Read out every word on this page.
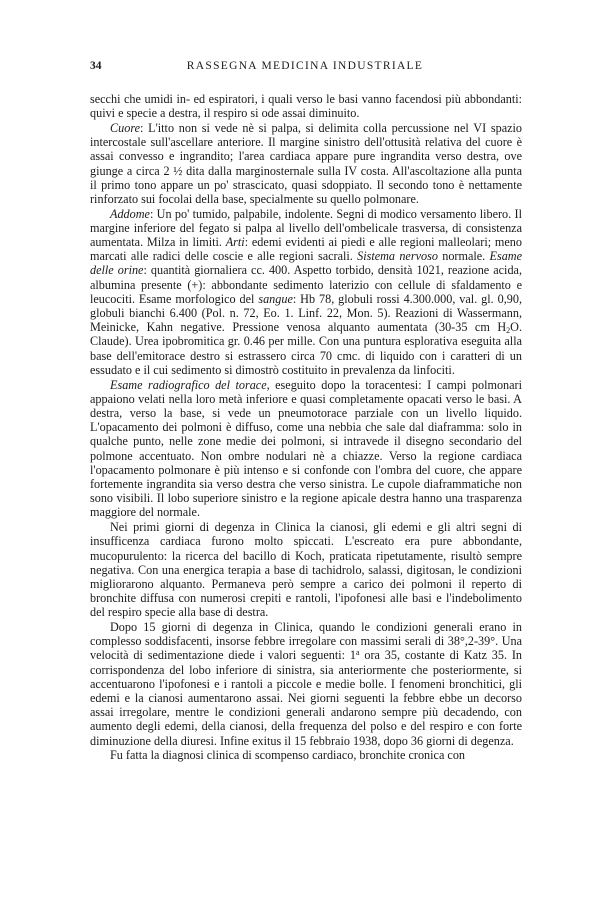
34	RASSEGNA MEDICINA INDUSTRIALE

secchi che umidi in- ed espiratori, i quali verso le basi vanno facendosi più abbondanti: quivi e specie a destra, il respiro si ode assai diminuito.

Cuore: L'itto non si vede nè si palpa, si delimita colla percussione nel VI spazio intercostale sull'ascellare anteriore. Il margine sinistro dell'ottusità relativa del cuore è assai convesso e ingrandito; l'area cardiaca appare pure ingrandita verso destra, ove giunge a circa 2 ½ dita dalla marginosternale sulla IV costa. All'ascoltazione alla punta il primo tono appare un po' strascicato, quasi sdoppiato. Il secondo tono è nettamente rinforzato sui focolai della base, specialmente su quello polmonare.

Addome: Un po' tumido, palpabile, indolente. Segni di modico versamento libero. Il margine inferiore del fegato si palpa al livello dell'ombelicale trasversa, di consistenza aumentata. Milza in limiti. Arti: edemi evidenti ai piedi e alle regioni malleolari; meno marcati alle radici delle coscie e alle regioni sacrali. Sistema nervoso normale. Esame delle orine: quantità giornaliera cc. 400. Aspetto torbido, densità 1021, reazione acida, albumina presente (+): abbondante sedimento laterizio con cellule di sfaldamento e leucociti. Esame morfologico del sangue: Hb 78, globuli rossi 4.300.000, val. gl. 0,90, globuli bianchi 6.400 (Pol. n. 72, Eo. 1. Linf. 22, Mon. 5). Reazioni di Wassermann, Meinicke, Kahn negative. Pressione venosa alquanto aumentata (30-35 cm $H_2O$. Claude). Urea ipobromitica gr. 0.46 per mille. Con una puntura esplorativa eseguita alla base dell'emitorace destro si estrassero circa 70 cmc. di liquido con i caratteri di un essudato e il cui sedimento si dimostrò costituito in prevalenza da linfociti.

Esame radiografico del torace, eseguito dopo la toracentesi: I campi polmonari appaiono velati nella loro metà inferiore e quasi completamente opacati verso le basi. A destra, verso la base, si vede un pneumotorace parziale con un livello liquido. L'opacamento dei polmoni è diffuso, come una nebbia che sale dal diaframma: solo in qualche punto, nelle zone medie dei polmoni, si intravede il disegno secondario del polmone accentuato. Non ombre nodulari nè a chiazze. Verso la regione cardiaca l'opacamento polmonare è più intenso e si confonde con l'ombra del cuore, che appare fortemente ingrandita sia verso destra che verso sinistra. Le cupole diaframmatiche non sono visibili. Il lobo superiore sinistro e la regione apicale destra hanno una trasparenza maggiore del normale.

Nei primi giorni di degenza in Clinica la cianosi, gli edemi e gli altri segni di insufficenza cardiaca furono molto spiccati. L'escreato era pure abbondante, mucopurulento: la ricerca del bacillo di Koch, praticata ripetutamente, risultò sempre negativa. Con una energica terapia a base di tachidrolo, salassi, digitosan, le condizioni migliorarono alquanto. Permaneva però sempre a carico dei polmoni il reperto di bronchite diffusa con numerosi crepiti e rantoli, l'ipofonesi alle basi e l'indebolimento del respiro specie alla base di destra.

Dopo 15 giorni di degenza in Clinica, quando le condizioni generali erano in complesso soddisfacenti, insorse febbre irregolare con massimi serali di 38°,2-39°. Una velocità di sedimentazione diede i valori seguenti: 1$^a$ ora 35, costante di Katz 35. In corrispondenza del lobo inferiore di sinistra, sia anteriormente che posteriormente, si accentuarono l'ipofonesi e i rantoli a piccole e medie bolle. I fenomeni bronchitici, gli edemi e la cianosi aumentarono assai. Nei giorni seguenti la febbre ebbe un decorso assai irregolare, mentre le condizioni generali andarono sempre più decadendo, con aumento degli edemi, della cianosi, della frequenza del polso e del respiro e con forte diminuzione della diuresi. Infine exitus il 15 febbraio 1938, dopo 36 giorni di degenza.

Fu fatta la diagnosi clinica di scompenso cardiaco, bronchite cronica con
